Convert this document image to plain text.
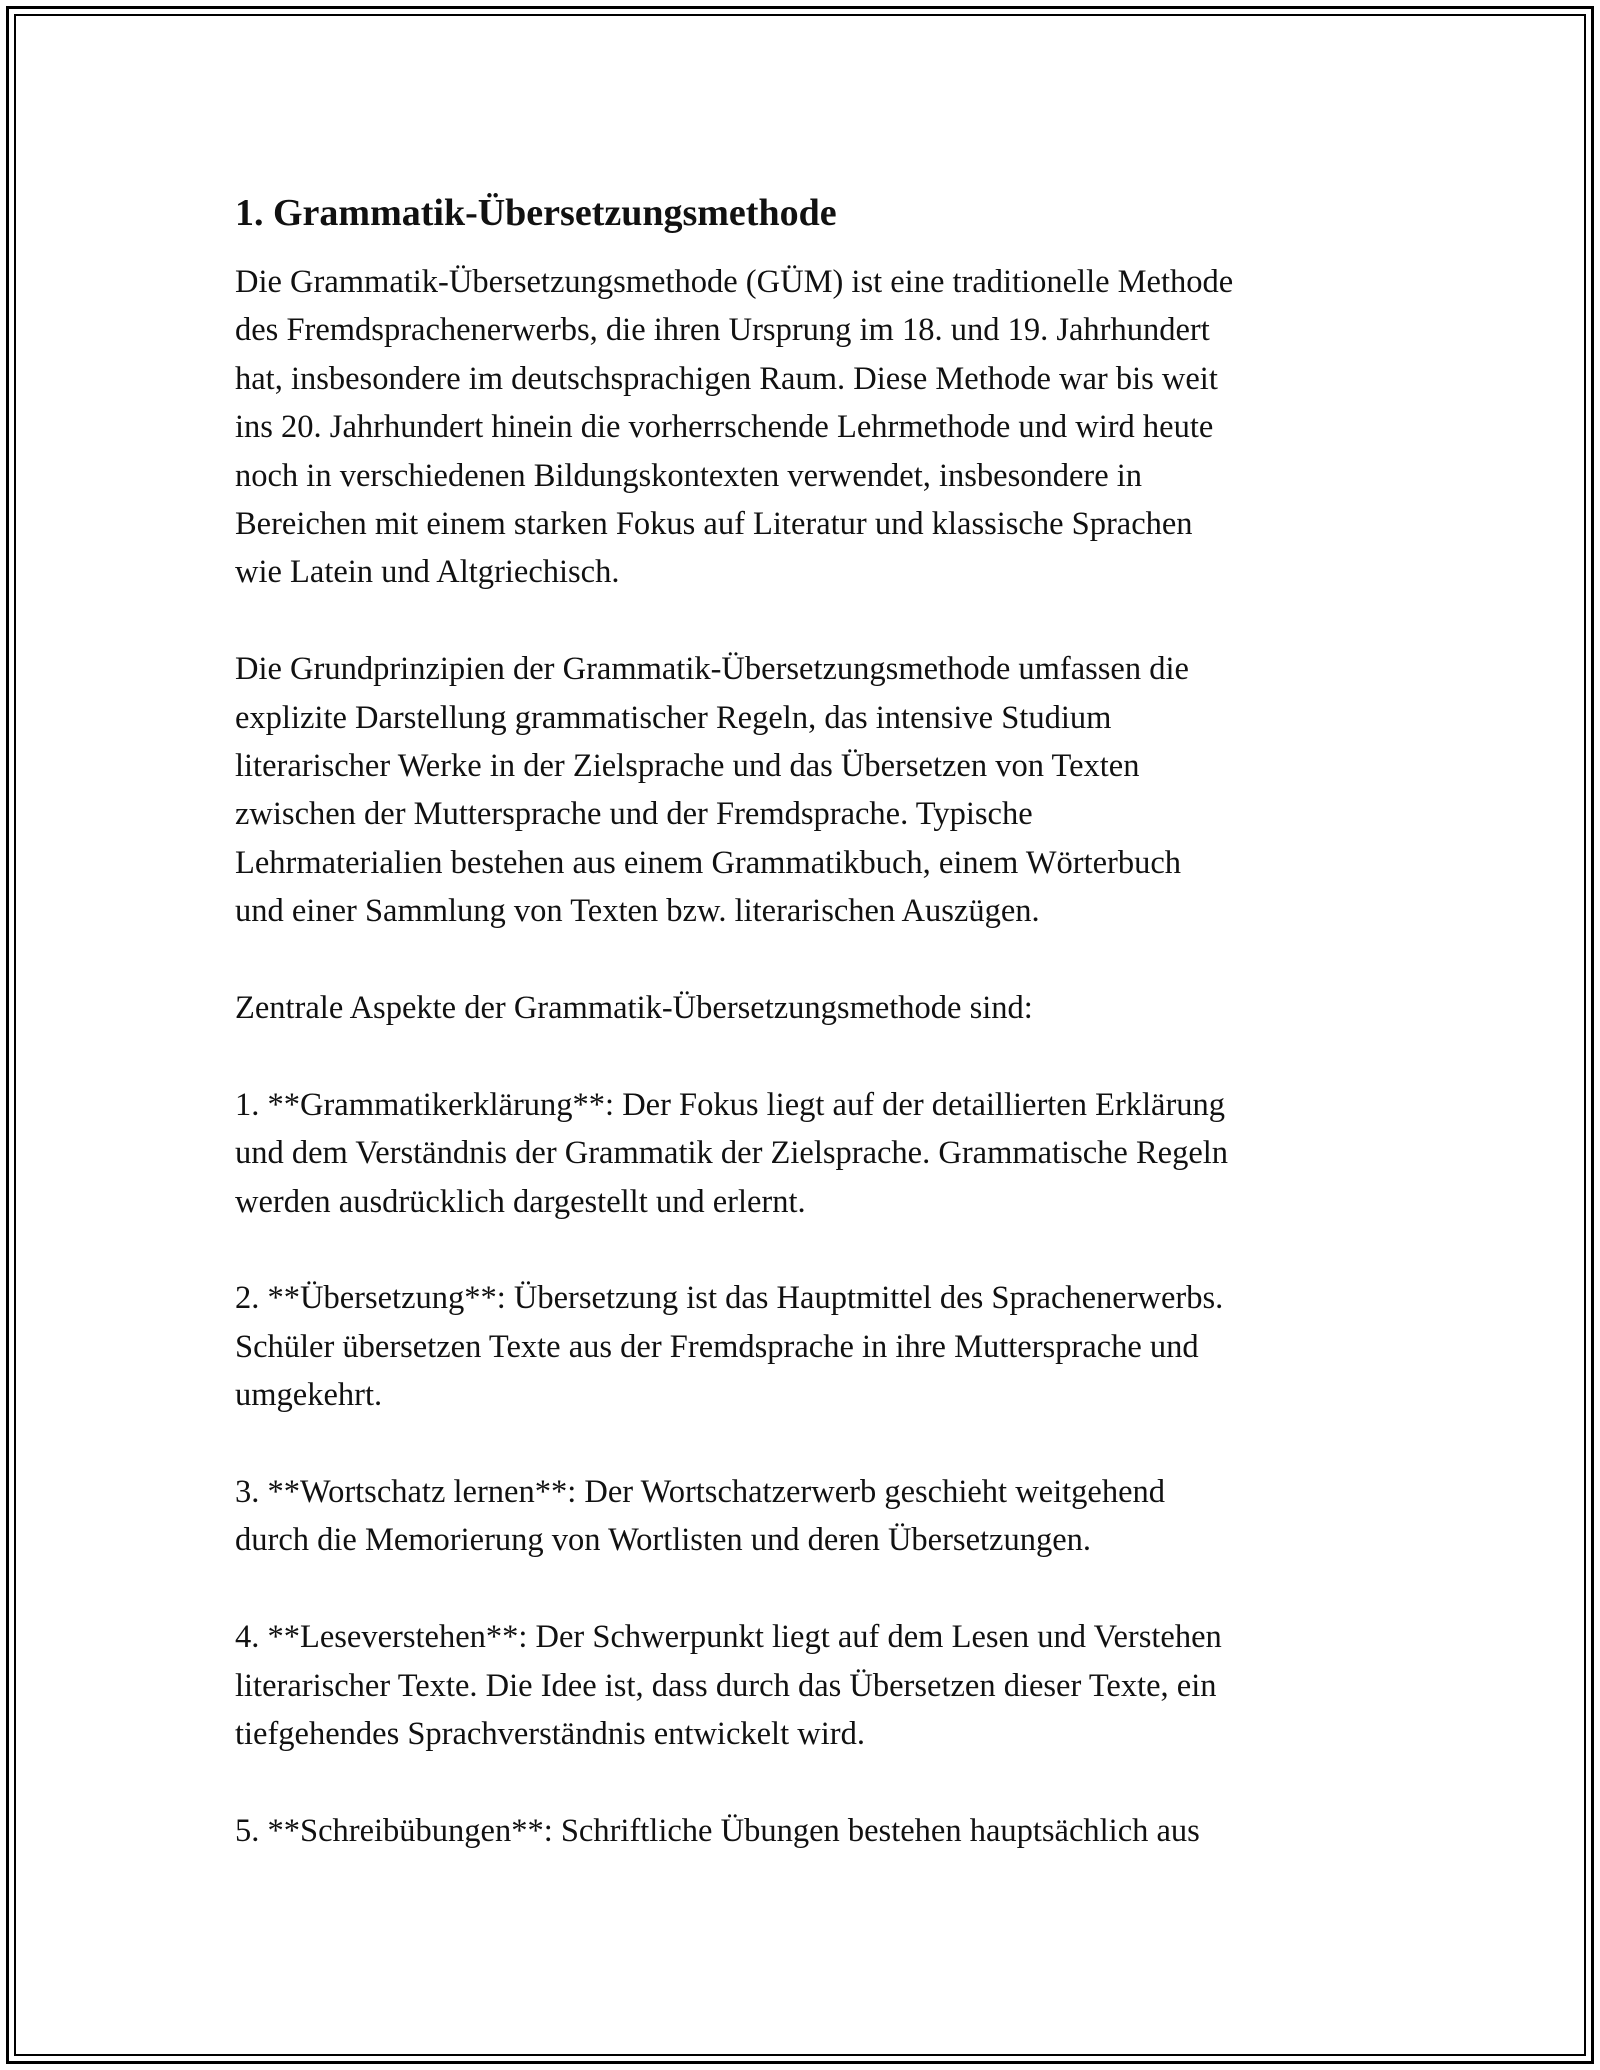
1. Grammatik-Übersetzungsmethode

Die Grammatik-Übersetzungsmethode (GÜM) ist eine traditionelle Methode
des Fremdsprachenerwerbs, die ihren Ursprung im 18. und 19. Jahrhundert
hat, insbesondere im deutschsprachigen Raum. Diese Methode war bis weit
ins 20. Jahrhundert hinein die vorherrschende Lehrmethode und wird heute
noch in verschiedenen Bildungskontexten verwendet, insbesondere in
Bereichen mit einem starken Fokus auf Literatur und klassische Sprachen
wie Latein und Altgriechisch.

Die Grundprinzipien der Grammatik-Übersetzungsmethode umfassen die
explizite Darstellung grammatischer Regeln, das intensive Studium
literarischer Werke in der Zielsprache und das Übersetzen von Texten
zwischen der Muttersprache und der Fremdsprache. Typische
Lehrmaterialien bestehen aus einem Grammatikbuch, einem Wörterbuch
und einer Sammlung von Texten bzw. literarischen Auszügen.

Zentrale Aspekte der Grammatik-Übersetzungsmethode sind:

1. **Grammatikerklärung**: Der Fokus liegt auf der detaillierten Erklärung
und dem Verständnis der Grammatik der Zielsprache. Grammatische Regeln
werden ausdrücklich dargestellt und erlernt.

2. **Übersetzung**: Übersetzung ist das Hauptmittel des Sprachenerwerbs.
Schüler übersetzen Texte aus der Fremdsprache in ihre Muttersprache und
umgekehrt.

3. **Wortschatz lernen**: Der Wortschatzerwerb geschieht weitgehend
durch die Memorierung von Wortlisten und deren Übersetzungen.

4. **Leseverstehen**: Der Schwerpunkt liegt auf dem Lesen und Verstehen
literarischer Texte. Die Idee ist, dass durch das Übersetzen dieser Texte, ein
tiefgehendes Sprachverständnis entwickelt wird.

5. **Schreibübungen**: Schriftliche Übungen bestehen hauptsächlich aus
